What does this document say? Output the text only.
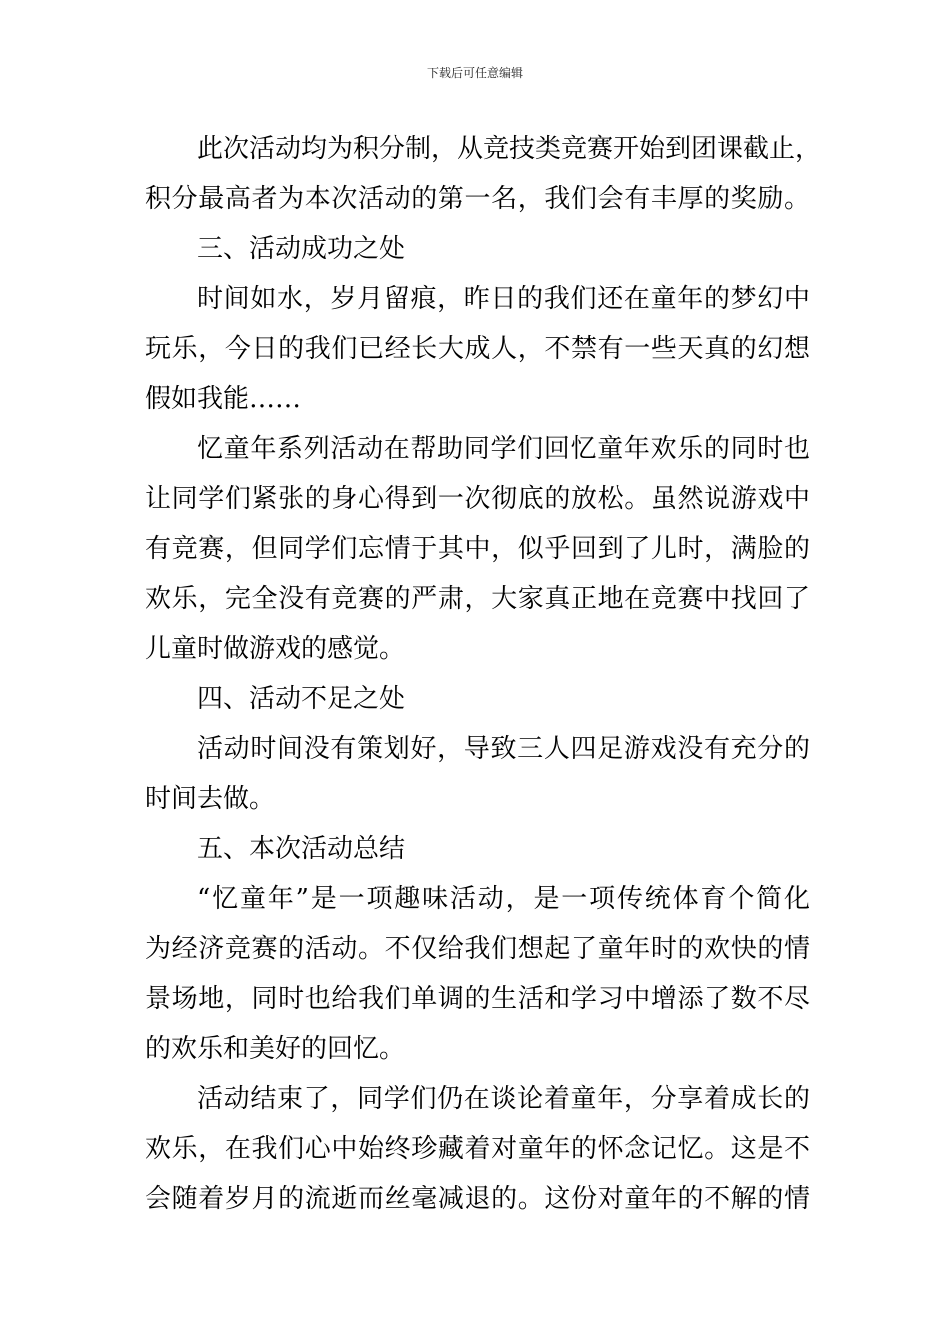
下载后可任意编辑
此次活动均为积分制，从竞技类竞赛开始到团课截止，
积分最高者为本次活动的第一名，我们会有丰厚的奖励。
三、活动成功之处
时间如水，岁月留痕，昨日的我们还在童年的梦幻中
玩乐，今日的我们已经长大成人，不禁有一些天真的幻想
假如我能……
忆童年系列活动在帮助同学们回忆童年欢乐的同时也
让同学们紧张的身心得到一次彻底的放松。虽然说游戏中
有竞赛，但同学们忘情于其中，似乎回到了儿时，满脸的
欢乐，完全没有竞赛的严肃，大家真正地在竞赛中找回了
儿童时做游戏的感觉。
四、活动不足之处
活动时间没有策划好，导致三人四足游戏没有充分的
时间去做。
五、本次活动总结
“忆童年”是一项趣味活动，是一项传统体育个简化
为经济竞赛的活动。不仅给我们想起了童年时的欢快的情
景场地，同时也给我们单调的生活和学习中增添了数不尽
的欢乐和美好的回忆。
活动结束了，同学们仍在谈论着童年，分享着成长的
欢乐，在我们心中始终珍藏着对童年的怀念记忆。这是不
会随着岁月的流逝而丝毫减退的。这份对童年的不解的情
